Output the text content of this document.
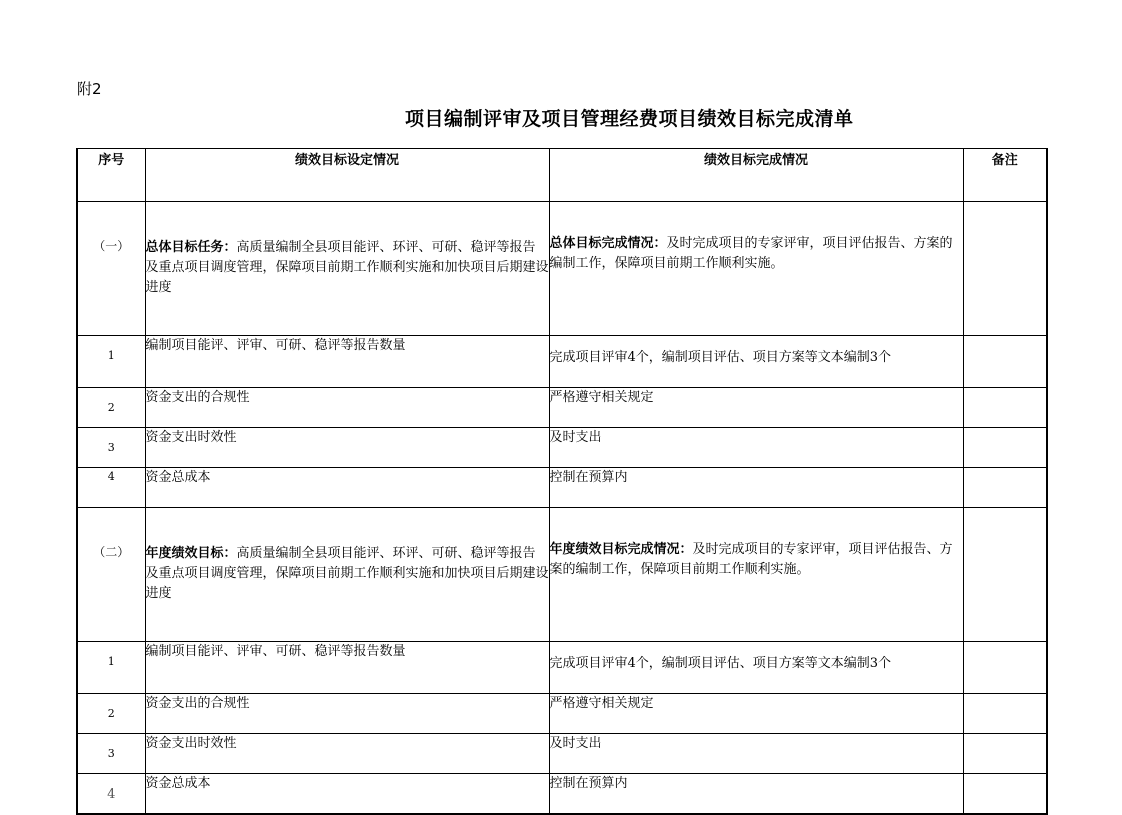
附2
项目编制评审及项目管理经费项目绩效目标完成清单
序号	绩效目标设定情况	绩效目标完成情况	备注

（一）	总体目标任务：高质量编制全县项目能评、环评、可研、稳评等报告及重点项目调度管理，保障项目前期工作顺利实施和加快项目后期建设进度	总体目标完成情况：及时完成项目的专家评审，项目评估报告、方案的编制工作，保障项目前期工作顺利实施。	

1	编制项目能评、评审、可研、稳评等报告数量	完成项目评审4个，编制项目评估、项目方案等文本编制3个	

2	资金支出的合规性	严格遵守相关规定	

3	资金支出时效性	及时支出	

4	资金总成本	控制在预算内	

（二）	年度绩效目标：高质量编制全县项目能评、环评、可研、稳评等报告及重点项目调度管理，保障项目前期工作顺利实施和加快项目后期建设进度	年度绩效目标完成情况：及时完成项目的专家评审，项目评估报告、方案的编制工作，保障项目前期工作顺利实施。	

1	编制项目能评、评审、可研、稳评等报告数量	完成项目评审4个，编制项目评估、项目方案等文本编制3个	

2	资金支出的合规性	严格遵守相关规定	

3	资金支出时效性	及时支出	

4	资金总成本	控制在预算内	
